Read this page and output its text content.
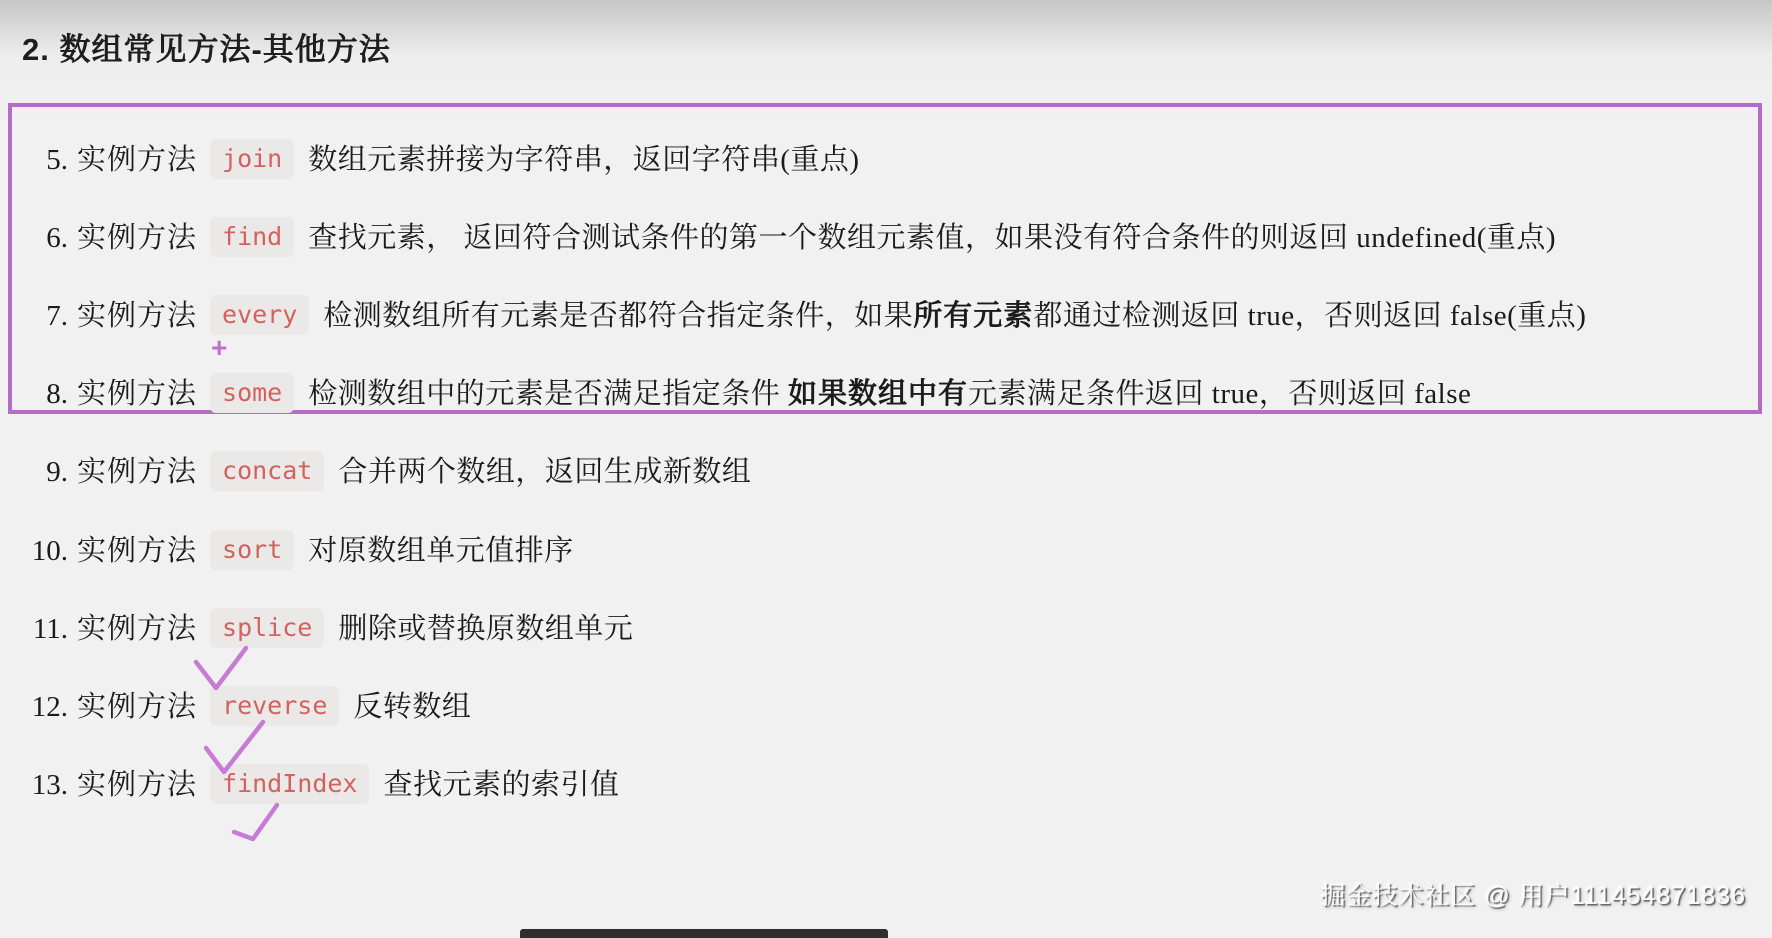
2. 数组常见方法-其他方法
5. 实例方法 join 数组元素拼接为字符串，返回字符串(重点)
6. 实例方法 find 查找元素， 返回符合测试条件的第一个数组元素值，如果没有符合条件的则返回 undefined(重点)
7. 实例方法 every 检测数组所有元素是否都符合指定条件，如果所有元素都通过检测返回 true，否则返回 false(重点)
8. 实例方法 some 检测数组中的元素是否满足指定条件 如果数组中有元素满足条件返回 true，否则返回 false
9. 实例方法 concat 合并两个数组，返回生成新数组
10. 实例方法 sort 对原数组单元值排序
11. 实例方法 splice 删除或替换原数组单元
12. 实例方法 reverse 反转数组
13. 实例方法 findIndex 查找元素的索引值
+
掘金技术社区 @ 用户111454871836
